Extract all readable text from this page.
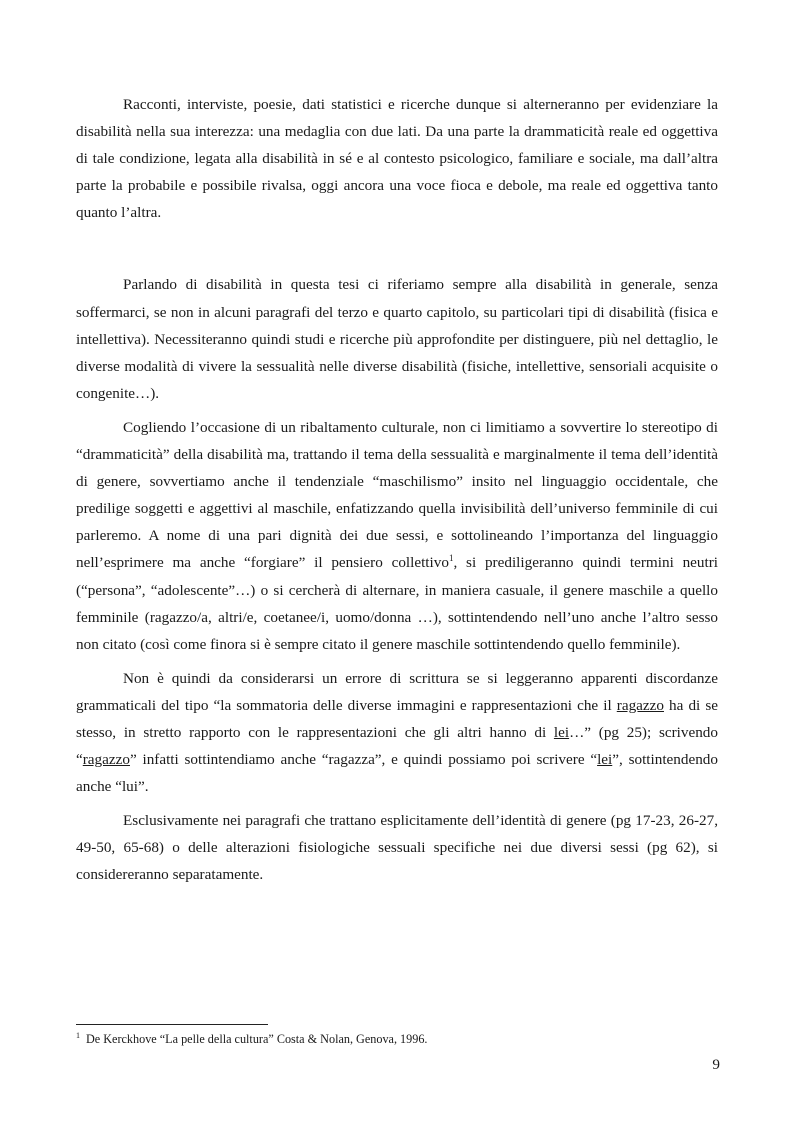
Racconti, interviste, poesie, dati statistici e ricerche dunque si alterneranno per evidenziare la disabilità nella sua interezza: una medaglia con due lati. Da una parte la drammaticità reale ed oggettiva di tale condizione, legata alla disabilità in sé e al contesto psicologico, familiare e sociale, ma dall’altra parte la probabile e possibile rivalsa, oggi ancora una voce fioca e debole, ma reale ed oggettiva tanto quanto l’altra.

Parlando di disabilità in questa tesi ci riferiamo sempre alla disabilità in generale, senza soffermarci, se non in alcuni paragrafi del terzo e quarto capitolo, su particolari tipi di disabilità (fisica e intellettiva). Necessiteranno quindi studi e ricerche più approfondite per distinguere, più nel dettaglio, le diverse modalità di vivere la sessualità nelle diverse disabilità (fisiche, intellettive, sensoriali acquisite o congenite…).

Cogliendo l’occasione di un ribaltamento culturale, non ci limitiamo a sovvertire lo stereotipo di “drammaticità” della disabilità ma, trattando il tema della sessualità e marginalmente il tema dell’identità di genere, sovvertiamo anche il tendenziale “maschilismo” insito nel linguaggio occidentale, che predilige soggetti e aggettivi al maschile, enfatizzando quella invisibilità dell’universo femminile di cui parleremo. A nome di una pari dignità dei due sessi, e sottolineando l’importanza del linguaggio nell’esprimere ma anche “forgiare” il pensiero collettivo$^1$, si prediligeranno quindi termini neutri (“persona”, “adolescente”…) o si cercherà di alternare, in maniera casuale, il genere maschile a quello femminile (ragazzo/a, altri/e, coetanee/i, uomo/donna …), sottintendendo nell’uno anche l’altro sesso non citato (così come finora si è sempre citato il genere maschile sottintendendo quello femminile).

Non è quindi da considerarsi un errore di scrittura se si leggeranno apparenti discordanze grammaticali del tipo “la sommatoria delle diverse immagini e rappresentazioni che il ragazzo ha di se stesso, in stretto rapporto con le rappresentazioni che gli altri hanno di lei…” (pg 25); scrivendo “ragazzo” infatti sottintendiamo anche “ragazza”, e quindi possiamo poi scrivere “lei”, sottintendendo anche “lui”.

Esclusivamente nei paragrafi che trattano esplicitamente dell’identità di genere (pg 17-23, 26-27, 49-50, 65-68) o delle alterazioni fisiologiche sessuali specifiche nei due diversi sessi (pg 62), si considereranno separatamente.

$^1$ De Kerckhove “La pelle della cultura” Costa & Nolan, Genova, 1996.
9
